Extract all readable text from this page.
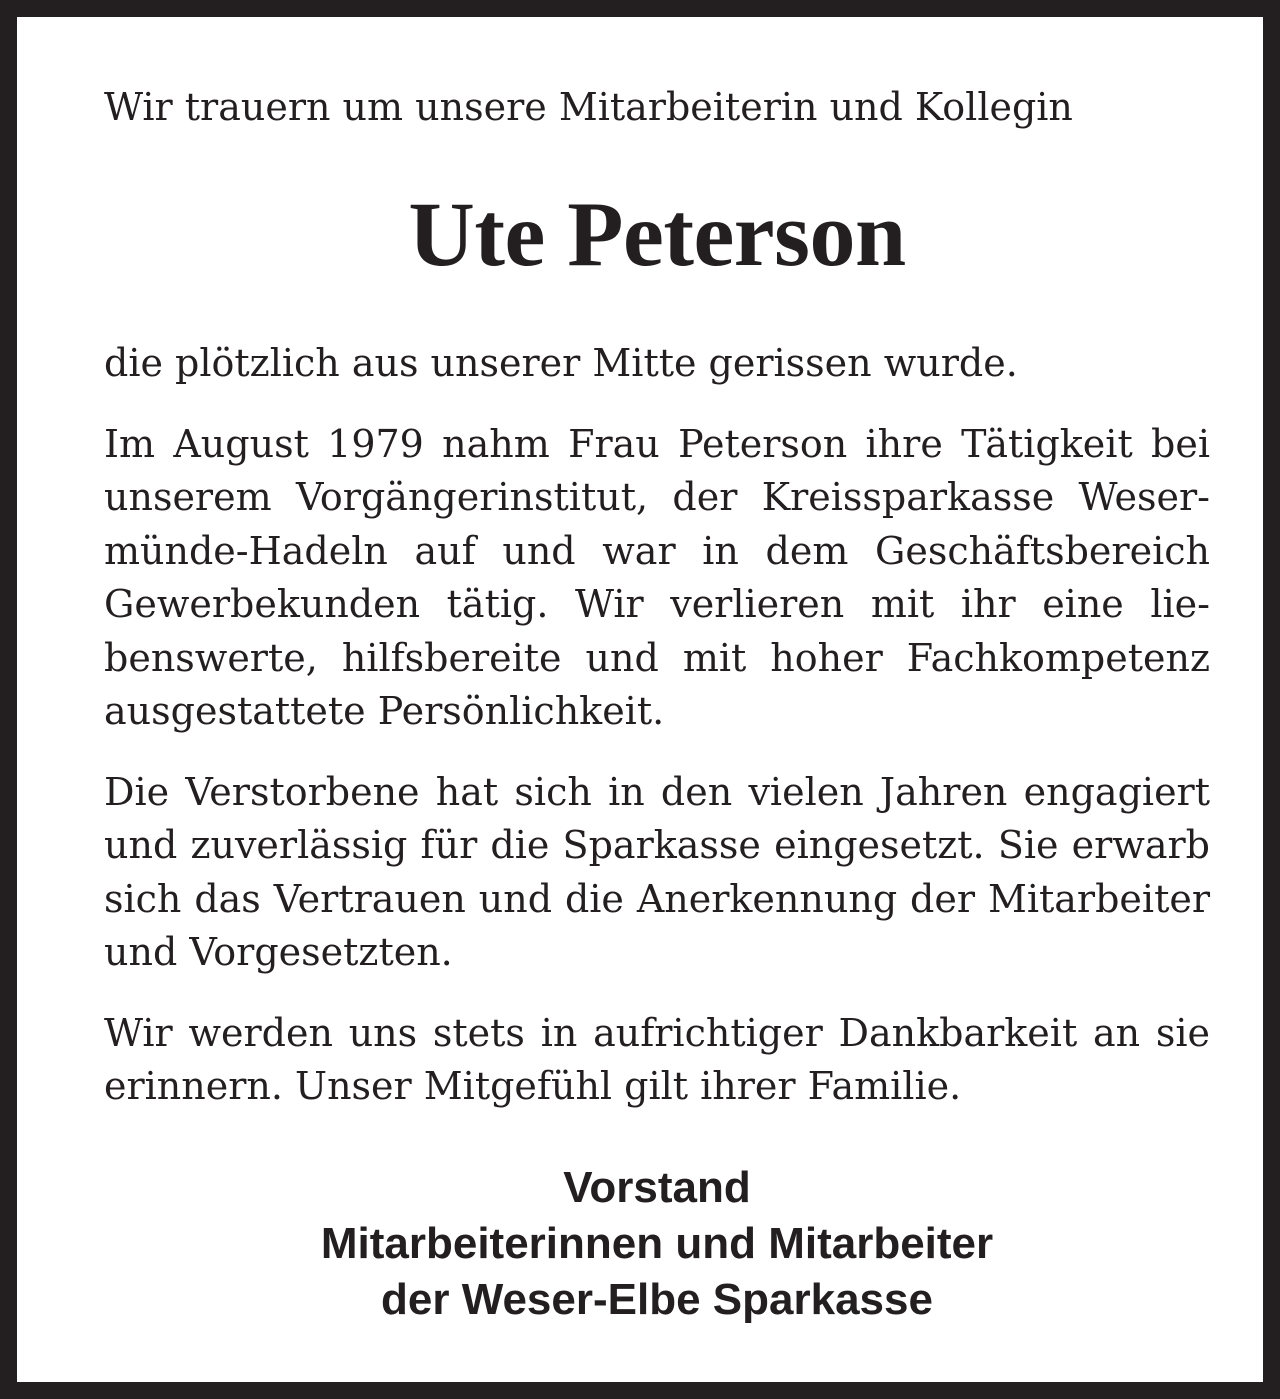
Wir trauern um unsere Mitarbeiterin und Kollegin

Ute Peterson

die plötzlich aus unserer Mitte gerissen wurde.

Im August 1979 nahm Frau Peterson ihre Tätigkeit bei unserem Vorgängerinstitut, der Kreissparkasse Wesermünde-Hadeln auf und war in dem Geschäftsbereich Gewerbekunden tätig. Wir verlieren mit ihr eine liebenswerte, hilfsbereite und mit hoher Fachkompetenz ausgestattete Persönlichkeit.

Die Verstorbene hat sich in den vielen Jahren engagiert und zuverlässig für die Sparkasse eingesetzt. Sie erwarb sich das Vertrauen und die Anerkennung der Mitarbeiter und Vorgesetzten.

Wir werden uns stets in aufrichtiger Dankbarkeit an sie erinnern. Unser Mitgefühl gilt ihrer Familie.

Vorstand
Mitarbeiterinnen und Mitarbeiter
der Weser-Elbe Sparkasse
